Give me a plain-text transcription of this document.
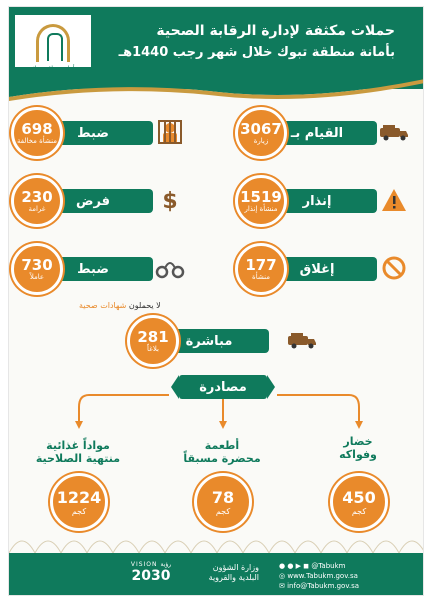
حملات مكثفة لإدارة الرقابة الصحية
بأمانة منطقة تبوك خلال شهر رجب 1440هـ
القيام بـ
3067
زيارة
ضبط
698
منشأة مخالفة
إنذار
1519
منشأة إنذار
فرض
230
غرامة	$
إغلاق
177
منشأة
ضبط
730
عاملاً
لا يحملون شهادات صحية
مباشرة
281
بلاغاً
مصادرة
مواداً غذائية
منتهية الصلاحية
أطعمة
محضرة مسبقاً
خضار
وفواكه
1224
كجم
78
كجم
450
كجم
VISION رؤية
2030
وزارة الشؤون
البلدية والقروية
● ● ▶ ◼ @Tabukm
◎ www.Tabukm.gov.sa
✉ info@Tabukm.gov.sa
